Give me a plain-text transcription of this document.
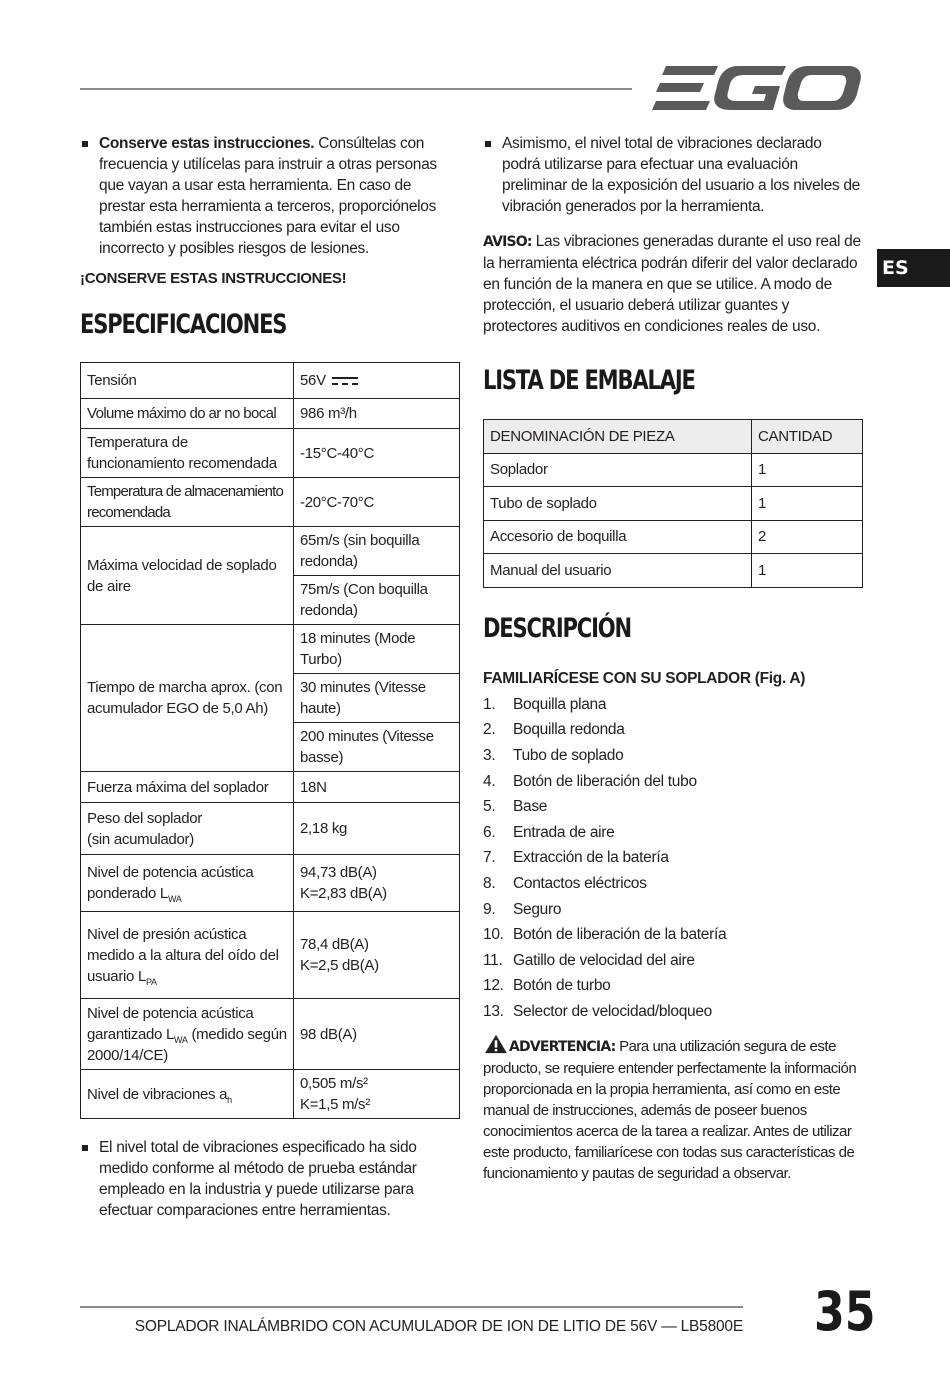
ES
Conserve estas instrucciones. Consúltelas con frecuencia y utilícelas para instruir a otras personas que vayan a usar esta herramienta. En caso de prestar esta herramienta a terceros, proporciónelos también estas instrucciones para evitar el uso incorrecto y posibles riesgos de lesiones.
¡CONSERVE ESTAS INSTRUCCIONES!
ESPECIFICACIONES
Tensión	56V
Volume máximo do ar no bocal	986 m³/h
Temperatura de funcionamiento recomendada	-15°C-40°C
Temperatura de almacenamiento recomendada	-20°C-70°C
Máxima velocidad de soplado de aire	65m/s (sin boquilla redonda)
	75m/s (Con boquilla redonda)
Tiempo de marcha aprox. (con acumulador EGO de 5,0 Ah)	18 minutes (Mode Turbo)
	30 minutes (Vitesse haute)
	200 minutes (Vitesse basse)
Fuerza máxima del soplador	18N
Peso del soplador
(sin acumulador)	2,18 kg
Nivel de potencia acústica ponderado $L_{WA}$	94,73 dB(A)
K=2,83 dB(A)
Nivel de presión acústica medido a la altura del oído del usuario $L_{PA}$	78,4 dB(A)
K=2,5 dB(A)
Nivel de potencia acústica garantizado $L_{WA}$ (medido según 2000/14/CE)	98 dB(A)
Nivel de vibraciones $a_h$	0,505 m/s²
K=1,5 m/s²
El nivel total de vibraciones especificado ha sido medido conforme al método de prueba estándar empleado en la industria y puede utilizarse para efectuar comparaciones entre herramientas.
Asimismo, el nivel total de vibraciones declarado podrá utilizarse para efectuar una evaluación preliminar de la exposición del usuario a los niveles de vibración generados por la herramienta.
AVISO: Las vibraciones generadas durante el uso real de la herramienta eléctrica podrán diferir del valor declarado en función de la manera en que se utilice. A modo de protección, el usuario deberá utilizar guantes y protectores auditivos en condiciones reales de uso.
LISTA DE EMBALAJE
DENOMINACIÓN DE PIEZA	CANTIDAD
Soplador	1
Tubo de soplado	1
Accesorio de boquilla	2
Manual del usuario	1
DESCRIPCIÓN
FAMILIARÍCESE CON SU SOPLADOR (Fig. A)
1.	Boquilla plana
2.	Boquilla redonda
3.	Tubo de soplado
4.	Botón de liberación del tubo
5.	Base
6.	Entrada de aire
7.	Extracción de la batería
8.	Contactos eléctricos
9.	Seguro
10. Botón de liberación de la batería
11. Gatillo de velocidad del aire
12. Botón de turbo
13. Selector de velocidad/bloqueo
ADVERTENCIA: Para una utilización segura de este producto, se requiere entender perfectamente la información proporcionada en la propia herramienta, así como en este manual de instrucciones, además de poseer buenos conocimientos acerca de la tarea a realizar. Antes de utilizar este producto, familiarícese con todas sus características de funcionamiento y pautas de seguridad a observar.
SOPLADOR INALÁMBRIDO CON ACUMULADOR DE ION DE LITIO DE 56V — LB5800E 35
